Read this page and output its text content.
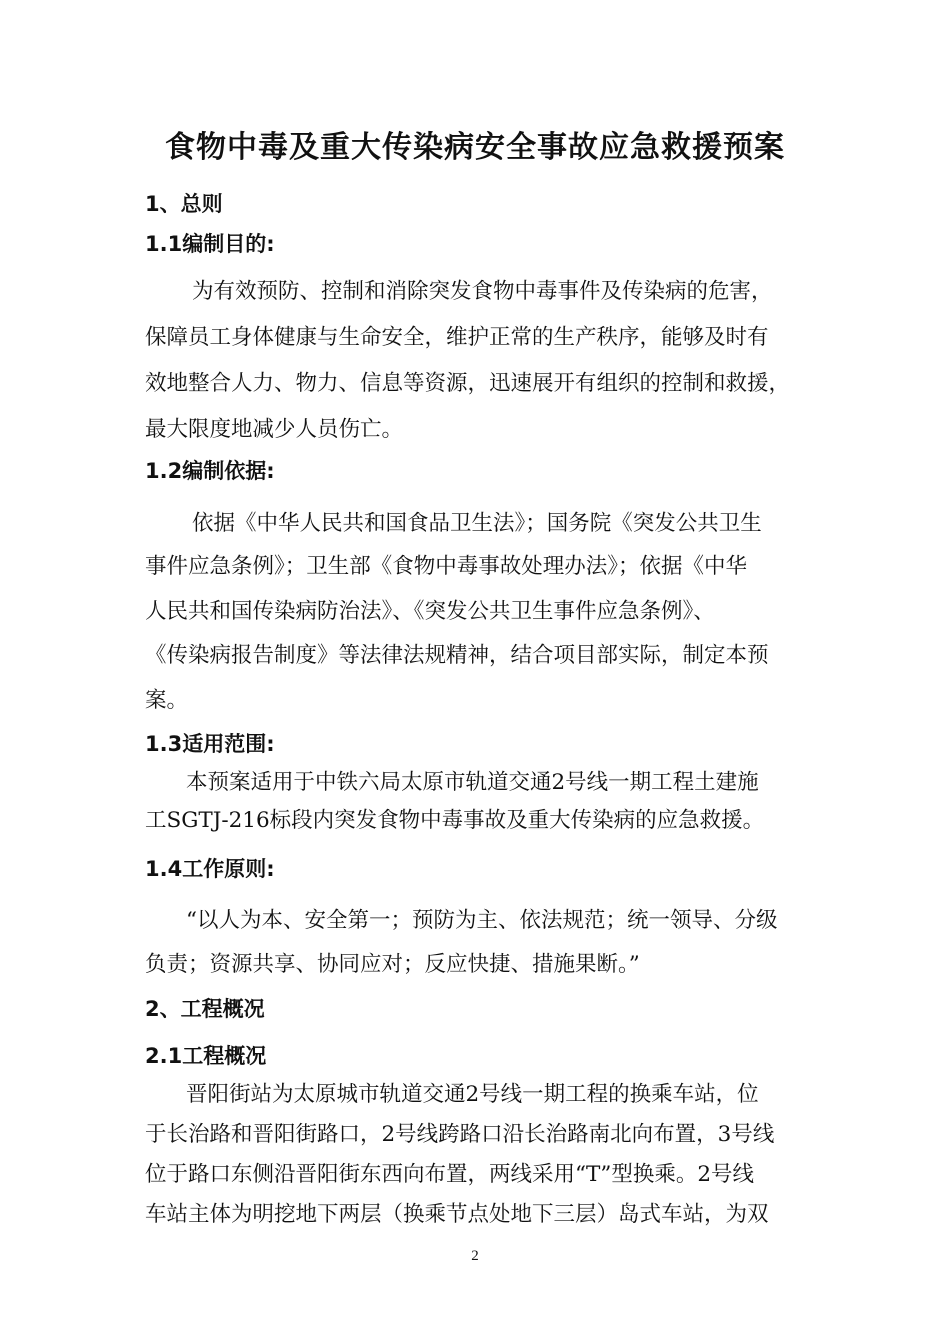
食物中毒及重大传染病安全事故应急救援预案
1、总则
1.1编制目的:
为有效预防、控制和消除突发食物中毒事件及传染病的危害，
保障员工身体健康与生命安全，维护正常的生产秩序，能够及时有
效地整合人力、物力、信息等资源，迅速展开有组织的控制和救援，
最大限度地减少人员伤亡。
1.2编制依据:
依据《中华人民共和国食品卫生法》；国务院《突发公共卫生
事件应急条例》；卫生部《食物中毒事故处理办法》；依据《中华
人民共和国传染病防治法》、《突发公共卫生事件应急条例》、
《传染病报告制度》等法律法规精神，结合项目部实际，制定本预
案。
1.3适用范围:
本预案适用于中铁六局太原市轨道交通2号线一期工程土建施
工SGTJ-216标段内突发食物中毒事故及重大传染病的应急救援。
1.4工作原则:
“以人为本、安全第一；预防为主、依法规范；统一领导、分级
负责；资源共享、协同应对；反应快捷、措施果断。”
2、工程概况
2.1工程概况
晋阳街站为太原城市轨道交通2号线一期工程的换乘车站，位
于长治路和晋阳街路口，2号线跨路口沿长治路南北向布置，3号线
位于路口东侧沿晋阳街东西向布置，两线采用“T”型换乘。2号线
车站主体为明挖地下两层（换乘节点处地下三层）岛式车站，为双
2
